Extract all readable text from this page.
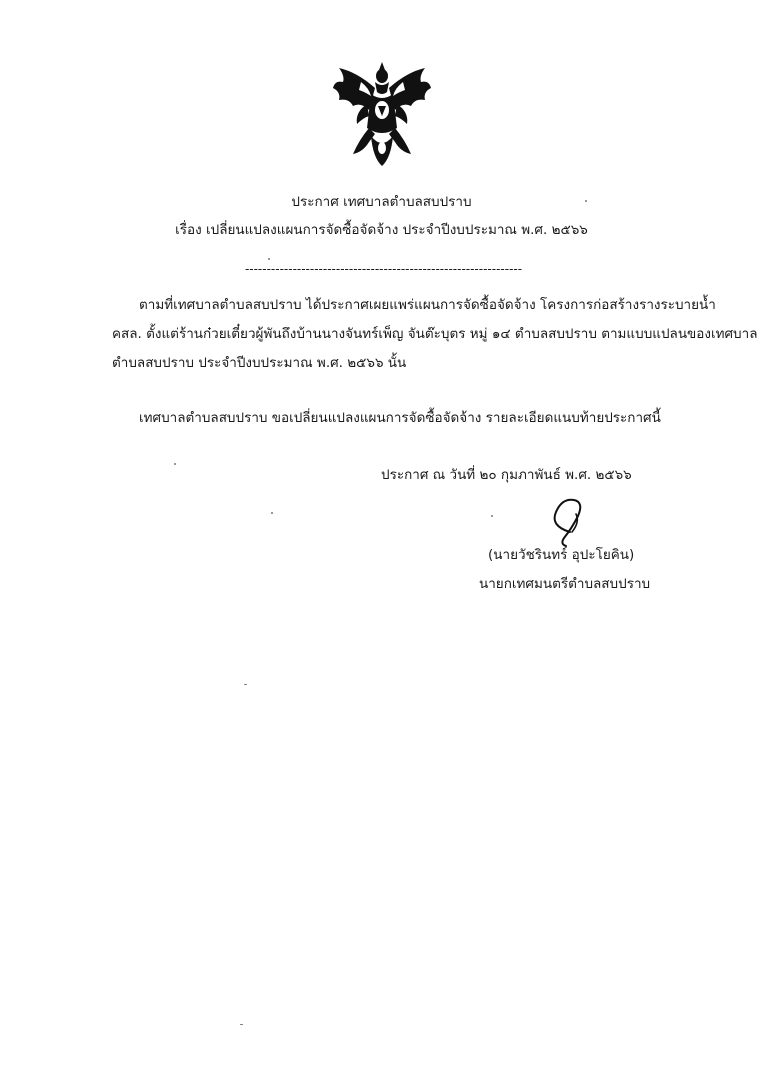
ประกาศ เทศบาลตำบลสบปราบ
เรื่อง เปลี่ยนแปลงแผนการจัดซื้อจัดจ้าง ประจำปีงบประมาณ พ.ศ. ๒๕๖๖
----------------------------------------------------------------
ตามที่เทศบาลตำบลสบปราบ ได้ประกาศเผยแพร่แผนการจัดซื้อจัดจ้าง โครงการก่อสร้างรางระบายน้ำ
คสล. ตั้งแต่ร้านก๋วยเตี๋ยวผู้พันถึงบ้านนางจันทร์เพ็ญ จันต๊ะบุตร หมู่ ๑๔ ตำบลสบปราบ ตามแบบแปลนของเทศบาล
ตำบลสบปราบ ประจำปีงบประมาณ พ.ศ. ๒๕๖๖ นั้น
เทศบาลตำบลสบปราบ ขอเปลี่ยนแปลงแผนการจัดซื้อจัดจ้าง รายละเอียดแนบท้ายประกาศนี้
ประกาศ ณ วันที่ ๒๐ กุมภาพันธ์ พ.ศ. ๒๕๖๖
(นายวัชรินทร์ อุปะโยคิน)
นายกเทศมนตรีตำบลสบปราบ
